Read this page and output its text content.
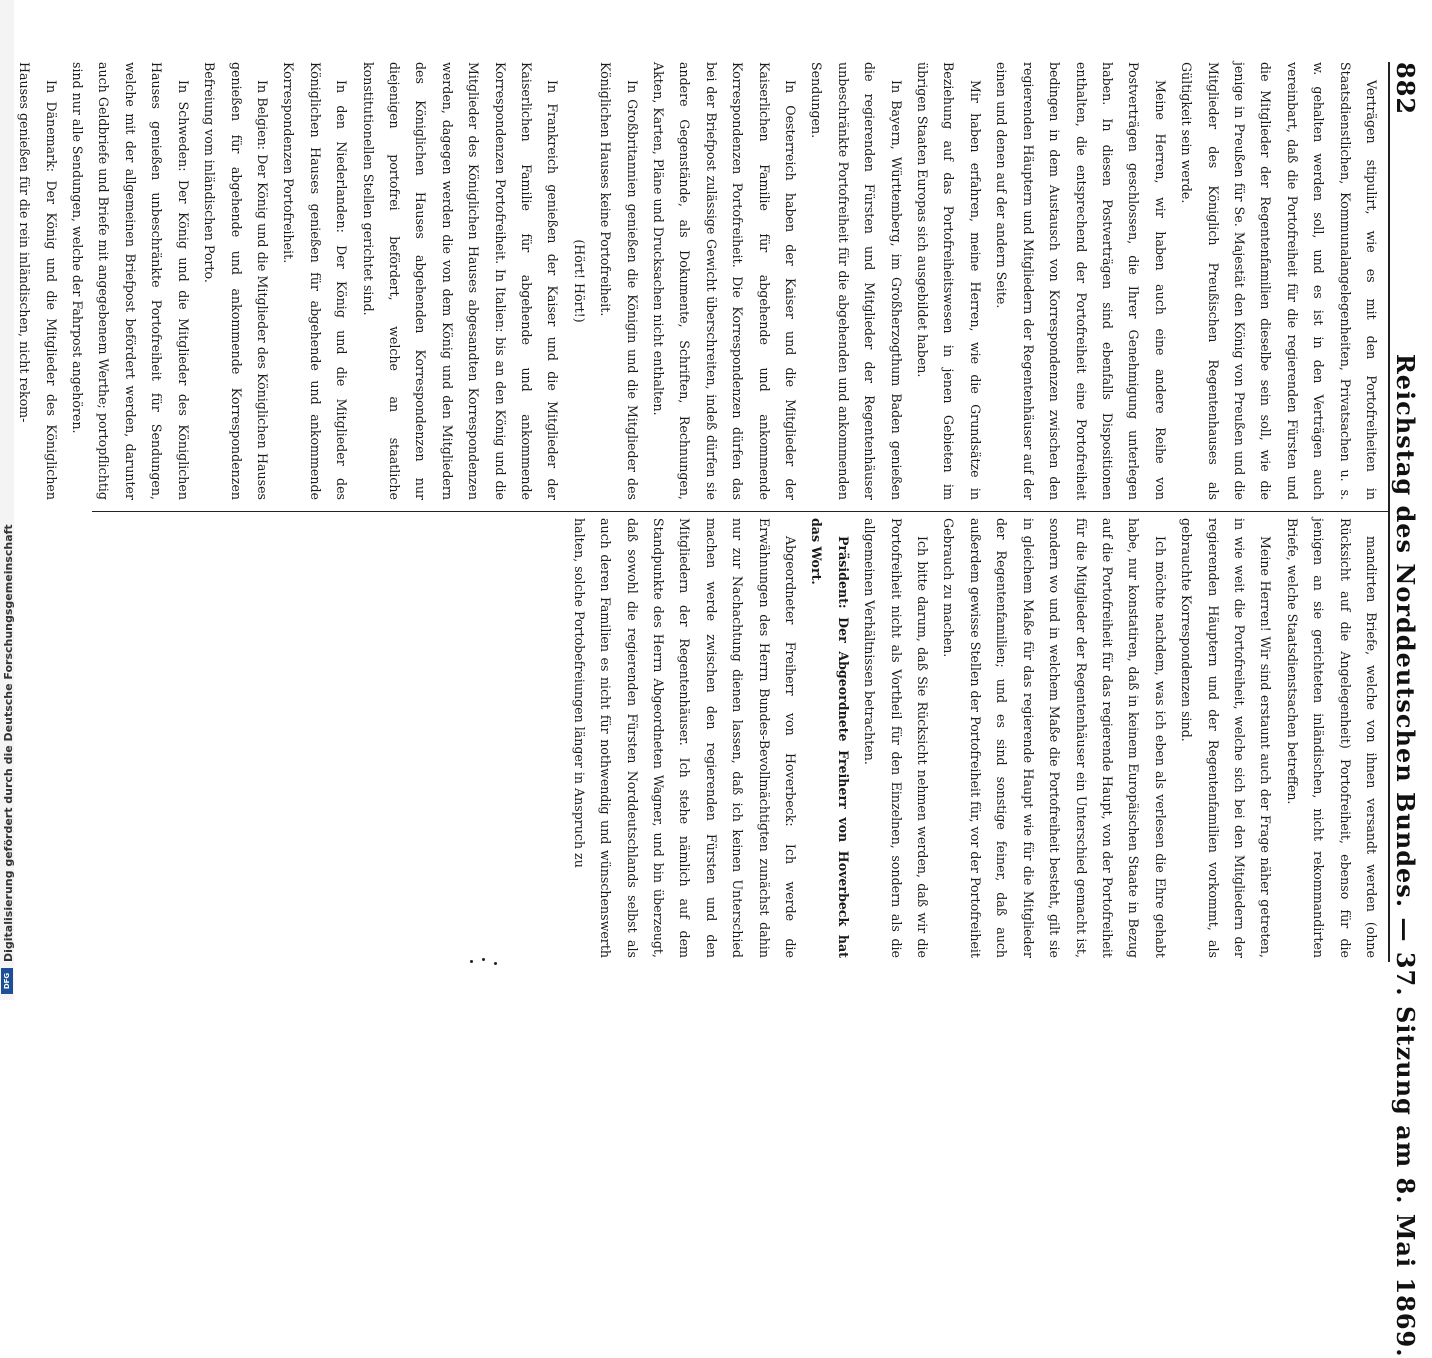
882  Reichstag des Norddeutschen Bundes. — 37. Sitzung am 8. Mai 1869.

Verträgen stipulirt, wie es mit den Portofreiheiten in Staatsdienstlichen, Kommunalangelegenheiten, Privatsachen u. s. w. gehalten werden soll, und es ist in den Verträgen auch vereinbart, daß die Portofreiheit für die regierenden Fürsten und die Mitglieder der Regentenfamilien dieselbe sein soll, wie die jenige in Preußen für Se. Majestät den König von Preußen und die Mitglieder des Königlich Preußischen Regentenhauses als Gültigkeit sein werde.

Meine Herren, wir haben auch eine andere Reihe von Postverträgen geschlossen, die Ihrer Genehmigung unterlegen haben. In diesen Postverträgen sind ebenfalls Dispositionen enthalten, die entsprechend der Portofreiheit eine Portofreiheit bedingen in dem Austausch von Korrespondenzen zwischen den regierenden Häuptern und Mitgliedern der Regentenhäuser auf der einen und denen auf der andern Seite.

Mir haben erfahren, meine Herren, wie die Grundsätze in Beziehung auf das Portofreiheitswesen in jenen Gebieten im übrigen Staaten Europas sich ausgebildet haben.

In Bayern, Württemberg, im Großherzogthum Baden genießen die regierenden Fürsten und Mitglieder der Regentenhäuser unbeschränkte Portofreiheit für die abgehenden und ankommenden Sendungen.

In Oesterreich haben der Kaiser und die Mitglieder der Kaiserlichen Familie für abgehende und ankommende Korrespondenzen Portofreiheit. Die Korrespondenzen dürfen das bei der Briefpost zulässige Gewicht überschreiten, indeß dürfen sie andere Gegenstände, als Dokumente, Schriften, Rechnungen, Akten, Karten, Pläne und Drucksachen nicht enthalten.

In Großbritannien genießen die Königin und die Mitglieder des Königlichen Hauses keine Portofreiheit.

(Hört! Hört!)

In Frankreich genießen der Kaiser und die Mitglieder der Kaiserlichen Familie für abgehende und ankommende Korrespondenzen Portofreiheit. In Italien: bis an den König und die Mitglieder des Königlichen Hauses abgesandten Korrespondenzen werden, dagegen werden die von dem König und den Mitgliedern des Königlichen Hauses abgehenden Korrespondenzen nur diejenigen portofrei befördert, welche an staatliche konstitutionellen Stellen gerichtet sind.

In den Niederlanden: Der König und die Mitglieder des Königlichen Hauses genießen für abgehende und ankommende Korrespondenzen Portofreiheit.

In Belgien: Der König und die Mitglieder des Königlichen Hauses genießen für abgehende und ankommende Korrespondenzen Befreiung vom inländischen Porto.

In Schweden: Der König und die Mitglieder des Königlichen Hauses genießen unbeschränkte Portofreiheit für Sendungen, welche mit der allgemeinen Briefpost befördert werden, darunter auch Geldbriefe und Briefe mit angegebenem Werthe; portopflichtig sind nur alle Sendungen, welche der Fahrpost angehören.

In Dänemark: Der König und die Mitglieder des Königlichen Hauses genießen für die rein inländischen, nicht rekom-

mandirten Briefe, welche von ihnen versandt werden (ohne Rücksicht auf die Angelegenheit) Portofreiheit, ebenso für die jenigen an sie gerichteten inländischen, nicht rekommandirten Briefe, welche Staatsdienstsachen betreffen.

Meine Herren! Wir sind erstaunt auch der Frage näher getreten, in wie weit die Portofreiheit, welche sich bei den Mitgliedern der regierenden Häuptern und der Regentenfamilien vorkommt, als gebrauchte Korrespondenzen sind.

Ich möchte nachdem, was ich eben als verlesen die Ehre gehabt habe, nur konstatiren, daß in keinem Europäischen Staate in Bezug auf die Portofreiheit für das regierende Haupt, von der Portofreiheit für die Mitglieder der Regentenhäuser ein Unterschied gemacht ist, sondern wo und in welchem Maße die Portofreiheit besteht, gilt sie in gleichem Maße für das regierende Haupt wie für die Mitglieder der Regentenfamilien; und es sind sonstige feiner, daß auch außerdem gewisse Stellen der Portofreiheit für, vor der Portofreiheit Gebrauch zu machen.

Ich bitte darum, daß Sie Rücksicht nehmen werden, daß wir die Portofreiheit nicht als Vortheil für den Einzelnen, sondern als die allgemeinen Verhältnissen betrachten.

Präsident: Der Abgeordnete Freiherr von Hoverbeck hat das Wort.

Abgeordneter Freiherr von Hoverbeck: Ich werde die Erwähnungen des Herrn Bundes-Bevollmächtigten zunächst dahin nur zur Nachachtung dienen lassen, daß ich keinen Unterschied machen werde zwischen den regierenden Fürsten und den Mitgliedern der Regentenhäuser. Ich stehe nämlich auf dem Standpunkte des Herrn Abgeordneten Wagner, und bin überzeugt, daß sowohl die regierenden Fürsten Norddeutschlands selbst als auch deren Familien es nicht für nothwendig und wünschenswerth halten, solche Portobefreiungen länger in Anspruch zu

Digitalisierung gefördert durch die Deutsche Forschungsgemeinschaft
DFG
